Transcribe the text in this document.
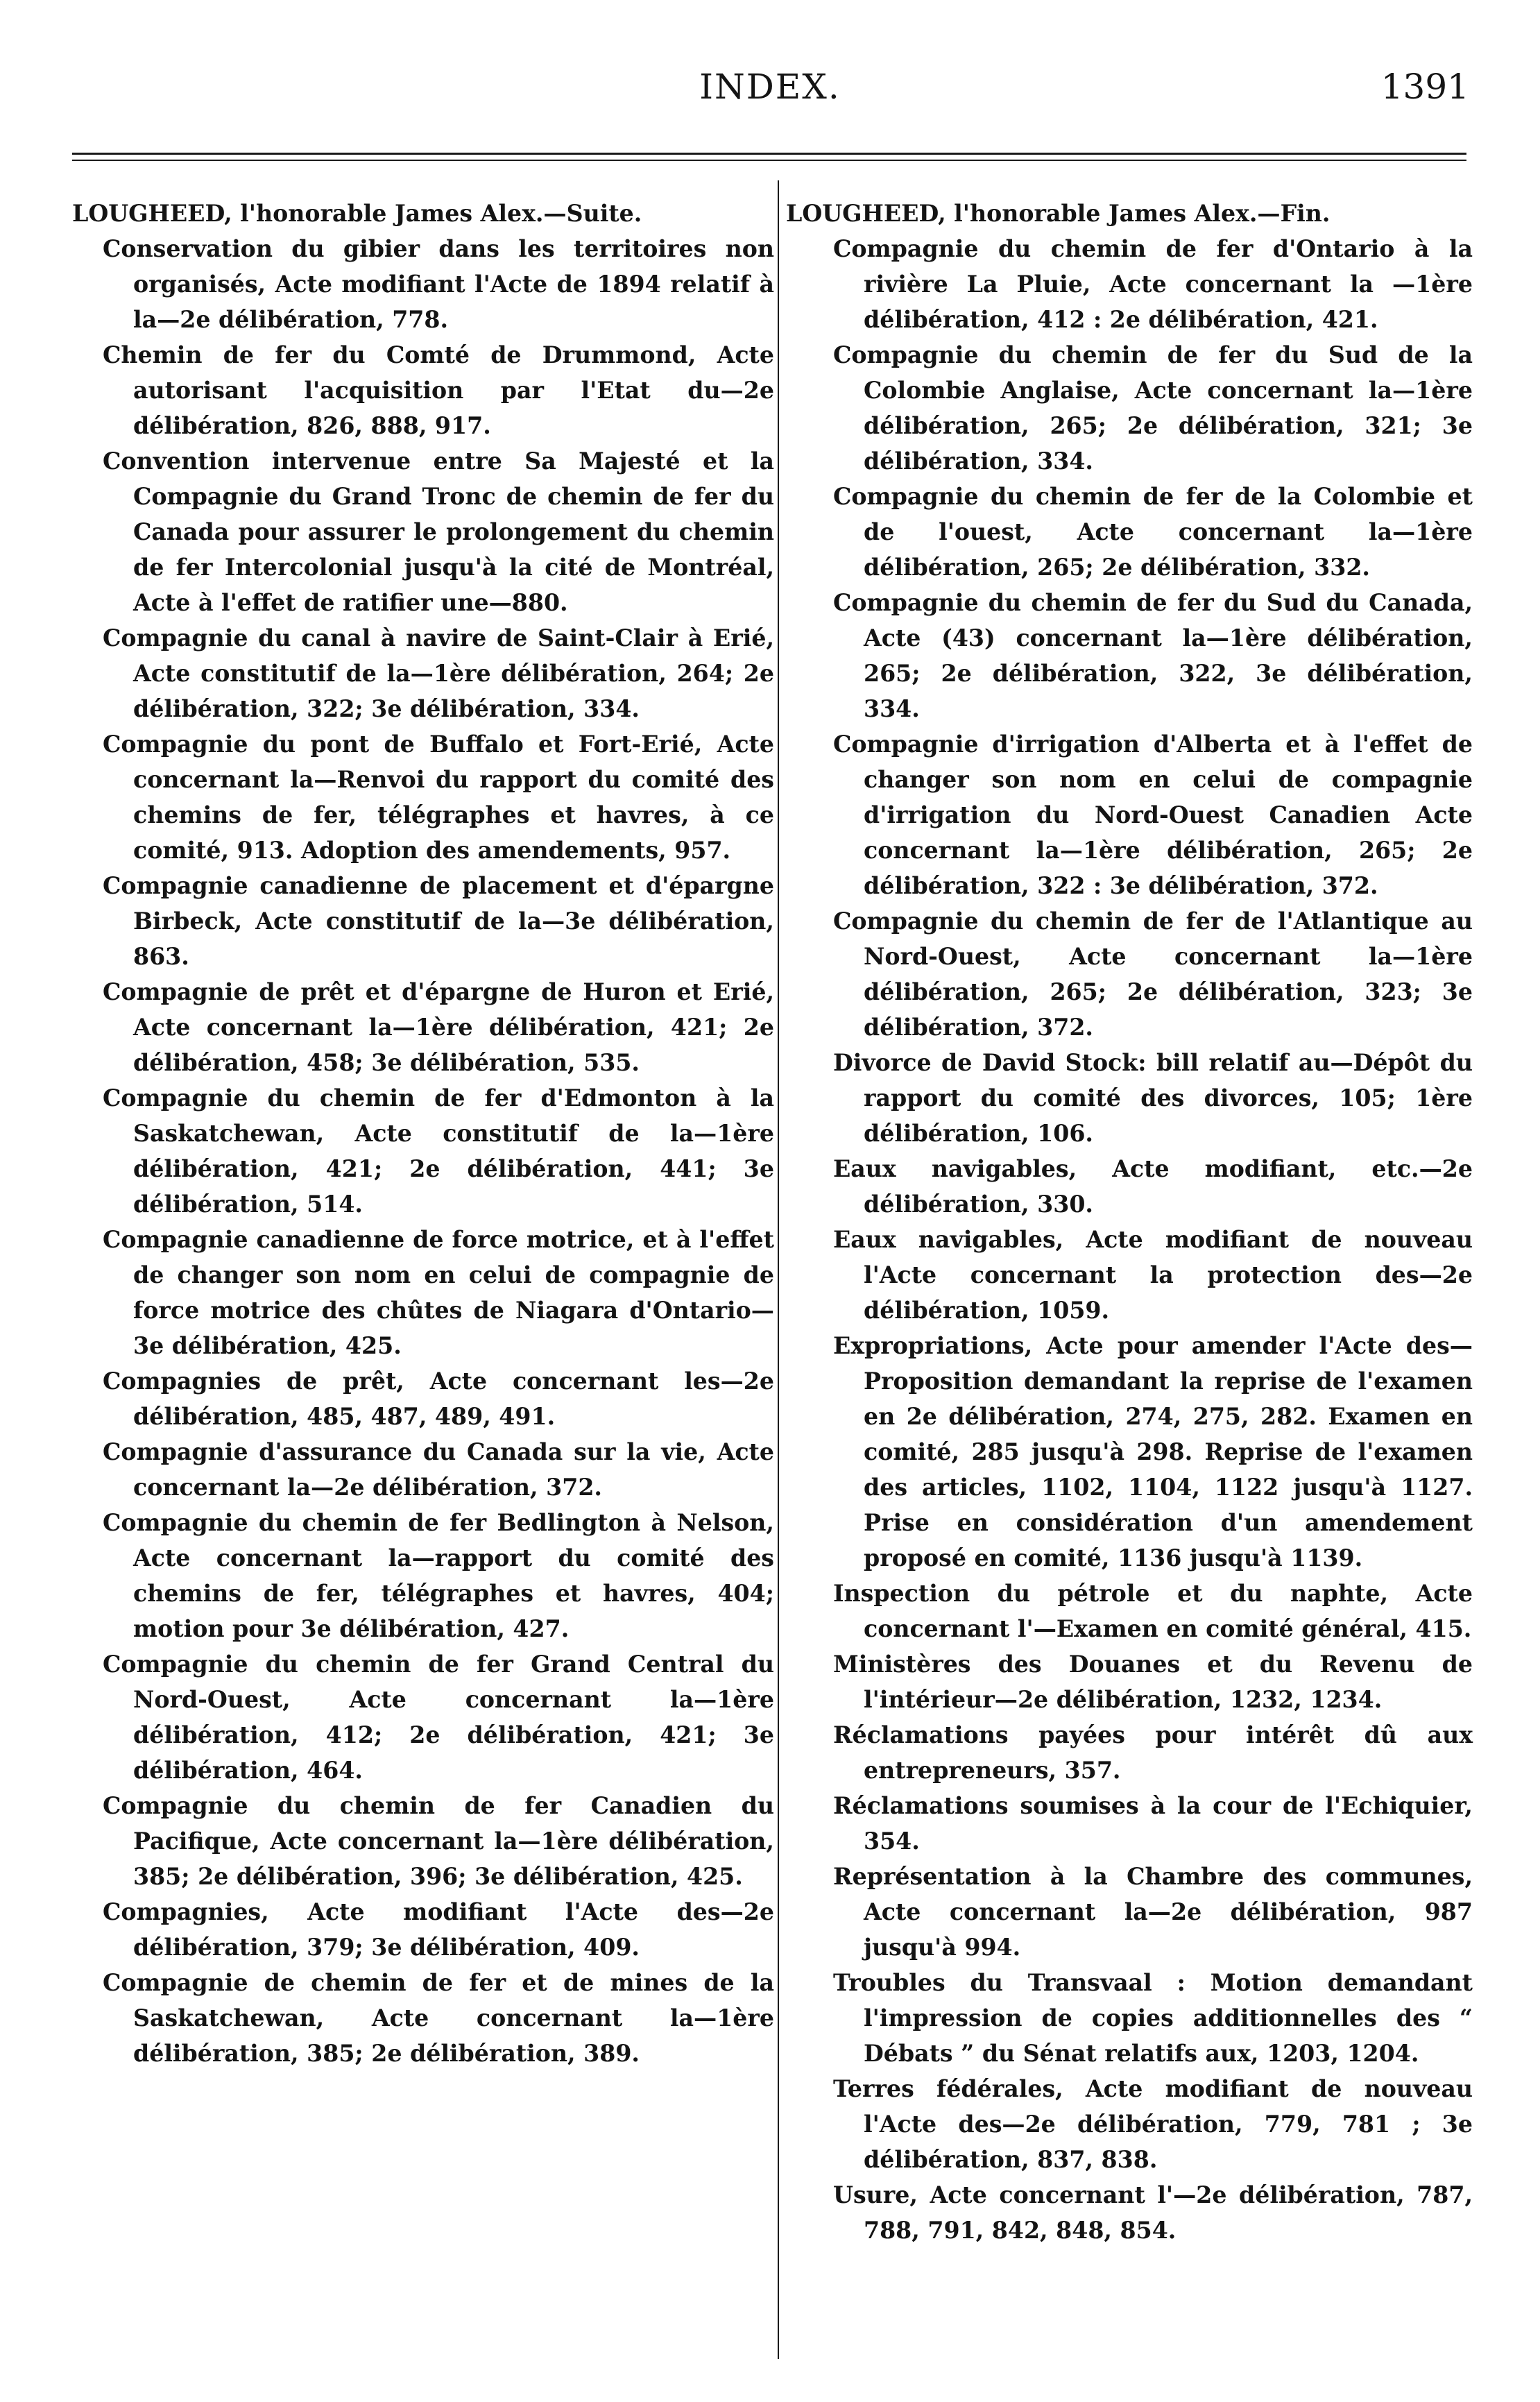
INDEX.	1391
LOUGHEED, l'honorable James Alex.—Suite.
Conservation du gibier dans les territoires non organisés, Acte modifiant l'Acte de 1894 relatif à la—2e délibération, 778.
Chemin de fer du Comté de Drummond, Acte autorisant l'acquisition par l'Etat du—2e délibération, 826, 888, 917.
Convention intervenue entre Sa Majesté et la Compagnie du Grand Tronc de chemin de fer du Canada pour assurer le prolongement du chemin de fer Intercolonial jusqu'à la cité de Montréal, Acte à l'effet de ratifier une—880.
Compagnie du canal à navire de Saint-Clair à Erié, Acte constitutif de la—1ère délibération, 264; 2e délibération, 322; 3e délibération, 334.
Compagnie du pont de Buffalo et Fort-Erié, Acte concernant la—Renvoi du rapport du comité des chemins de fer, télégraphes et havres, à ce comité, 913. Adoption des amendements, 957.
Compagnie canadienne de placement et d'épargne Birbeck, Acte constitutif de la—3e délibération, 863.
Compagnie de prêt et d'épargne de Huron et Erié, Acte concernant la—1ère délibération, 421; 2e délibération, 458; 3e délibération, 535.
Compagnie du chemin de fer d'Edmonton à la Saskatchewan, Acte constitutif de la—1ère délibération, 421; 2e délibération, 441; 3e délibération, 514.
Compagnie canadienne de force motrice, et à l'effet de changer son nom en celui de compagnie de force motrice des chûtes de Niagara d'Ontario—3e délibération, 425.
Compagnies de prêt, Acte concernant les—2e délibération, 485, 487, 489, 491.
Compagnie d'assurance du Canada sur la vie, Acte concernant la—2e délibération, 372.
Compagnie du chemin de fer Bedlington à Nelson, Acte concernant la—rapport du comité des chemins de fer, télégraphes et havres, 404; motion pour 3e délibération, 427.
Compagnie du chemin de fer Grand Central du Nord-Ouest, Acte concernant la—1ère délibération, 412; 2e délibération, 421; 3e délibération, 464.
Compagnie du chemin de fer Canadien du Pacifique, Acte concernant la—1ère délibération, 385; 2e délibération, 396; 3e délibération, 425.
Compagnies, Acte modifiant l'Acte des—2e délibération, 379; 3e délibération, 409.
Compagnie de chemin de fer et de mines de la Saskatchewan, Acte concernant la—1ère délibération, 385; 2e délibération, 389.
LOUGHEED, l'honorable James Alex.—Fin.
Compagnie du chemin de fer d'Ontario à la rivière La Pluie, Acte concernant la —1ère délibération, 412 : 2e délibération, 421.
Compagnie du chemin de fer du Sud de la Colombie Anglaise, Acte concernant la—1ère délibération, 265; 2e délibération, 321; 3e délibération, 334.
Compagnie du chemin de fer de la Colombie et de l'ouest, Acte concernant la—1ère délibération, 265; 2e délibération, 332.
Compagnie du chemin de fer du Sud du Canada, Acte (43) concernant la—1ère délibération, 265; 2e délibération, 322, 3e délibération, 334.
Compagnie d'irrigation d'Alberta et à l'effet de changer son nom en celui de compagnie d'irrigation du Nord-Ouest Canadien Acte concernant la—1ère délibération, 265; 2e délibération, 322 : 3e délibération, 372.
Compagnie du chemin de fer de l'Atlantique au Nord-Ouest, Acte concernant la—1ère délibération, 265; 2e délibération, 323; 3e délibération, 372.
Divorce de David Stock: bill relatif au—Dépôt du rapport du comité des divorces, 105; 1ère délibération, 106.
Eaux navigables, Acte modifiant, etc.—2e délibération, 330.
Eaux navigables, Acte modifiant de nouveau l'Acte concernant la protection des—2e délibération, 1059.
Expropriations, Acte pour amender l'Acte des—Proposition demandant la reprise de l'examen en 2e délibération, 274, 275, 282. Examen en comité, 285 jusqu'à 298. Reprise de l'examen des articles, 1102, 1104, 1122 jusqu'à 1127. Prise en considération d'un amendement proposé en comité, 1136 jusqu'à 1139.
Inspection du pétrole et du naphte, Acte concernant l'—Examen en comité général, 415.
Ministères des Douanes et du Revenu de l'intérieur—2e délibération, 1232, 1234.
Réclamations payées pour intérêt dû aux entrepreneurs, 357.
Réclamations soumises à la cour de l'Echiquier, 354.
Représentation à la Chambre des communes, Acte concernant la—2e délibération, 987 jusqu'à 994.
Troubles du Transvaal : Motion demandant l'impression de copies additionnelles des “ Débats ” du Sénat relatifs aux, 1203, 1204.
Terres fédérales, Acte modifiant de nouveau l'Acte des—2e délibération, 779, 781 ; 3e délibération, 837, 838.
Usure, Acte concernant l'—2e délibération, 787, 788, 791, 842, 848, 854.
